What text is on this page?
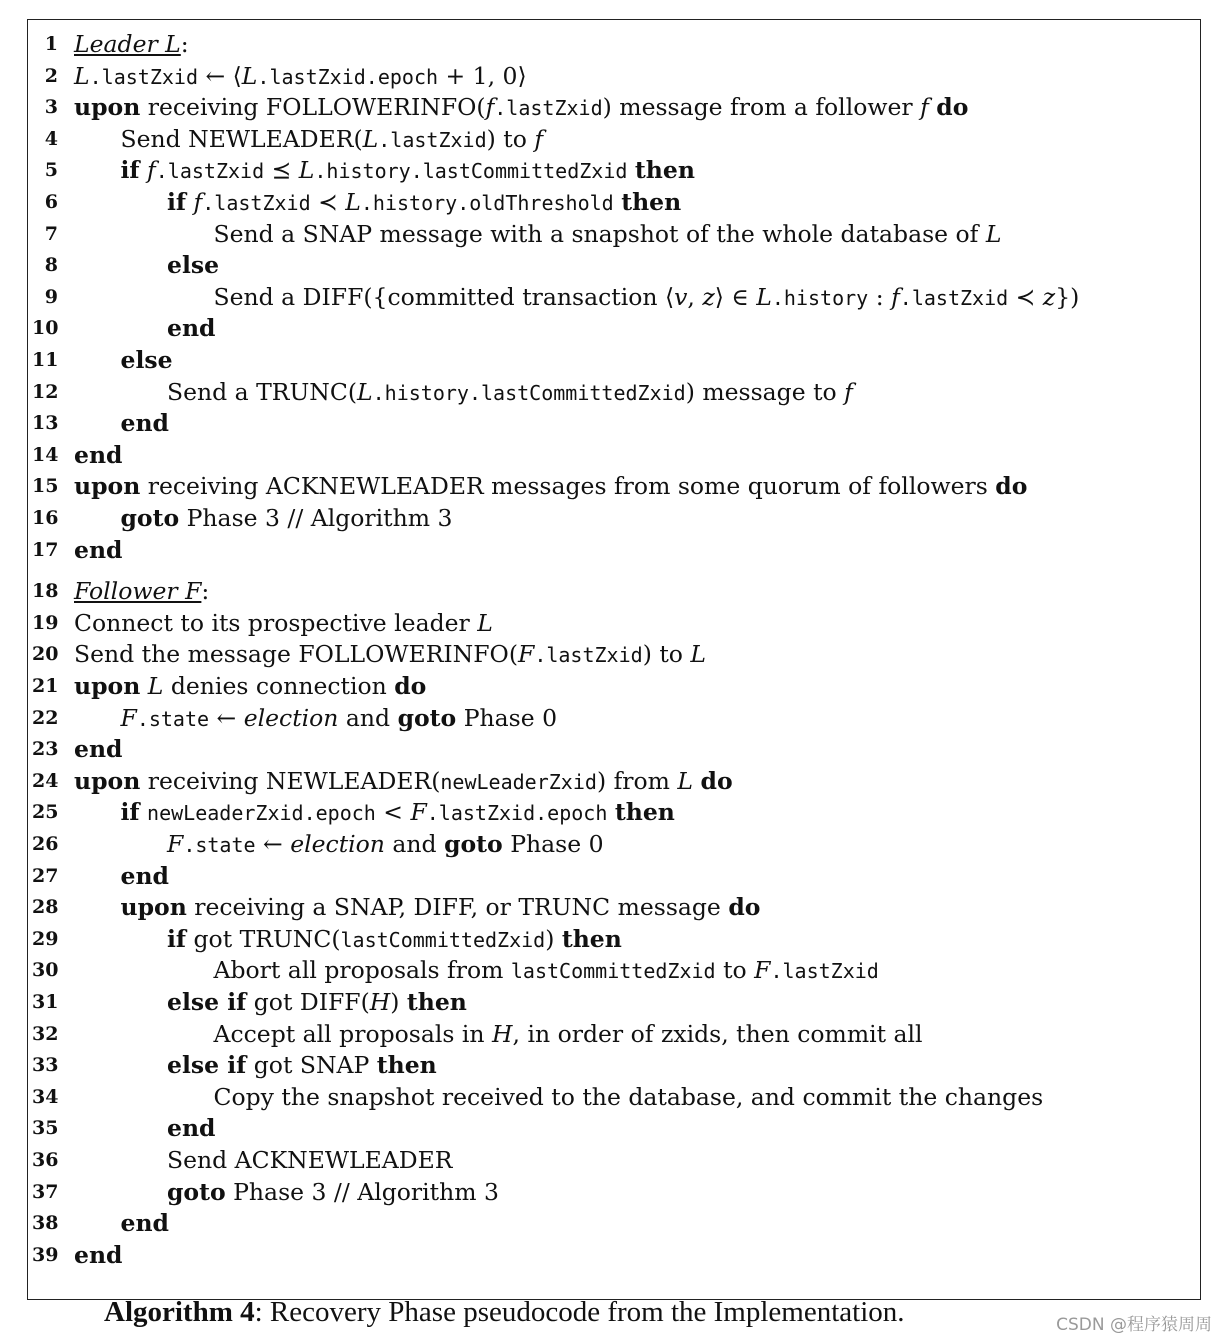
1 Leader L:
2 L.lastZxid ← ⟨L.lastZxid.epoch + 1, 0⟩
3 upon receiving FOLLOWERINFO(f.lastZxid) message from a follower f do
4	Send NEWLEADER(L.lastZxid) to f
5	if f.lastZxid ⪯ L.history.lastCommittedZxid then
6	if f.lastZxid ≺ L.history.oldThreshold then
7	Send a SNAP message with a snapshot of the whole database of L
8	else
9	Send a DIFF({committed transaction ⟨v, z⟩ ∈ L.history : f.lastZxid ≺ z})
10	end
11	else
12	Send a TRUNC(L.history.lastCommittedZxid) message to f
13	end
14 end
15 upon receiving ACKNEWLEADER messages from some quorum of followers do
16	goto Phase 3 // Algorithm 3
17 end
18 Follower F:
19 Connect to its prospective leader L
20 Send the message FOLLOWERINFO(F.lastZxid) to L
21 upon L denies connection do
22	F.state ← election and goto Phase 0
23 end
24 upon receiving NEWLEADER(newLeaderZxid) from L do
25	if newLeaderZxid.epoch < F.lastZxid.epoch then
26	F.state ← election and goto Phase 0
27	end
28	upon receiving a SNAP, DIFF, or TRUNC message do
29	if got TRUNC(lastCommittedZxid) then
30	Abort all proposals from lastCommittedZxid to F.lastZxid
31	else if got DIFF(H) then
32	Accept all proposals in H, in order of zxids, then commit all
33	else if got SNAP then
34	Copy the snapshot received to the database, and commit the changes
35	end
36	Send ACKNEWLEADER
37	goto Phase 3 // Algorithm 3
38	end
39 end
Algorithm 4: Recovery Phase pseudocode from the Implementation.	CSDN @程序猿周周
